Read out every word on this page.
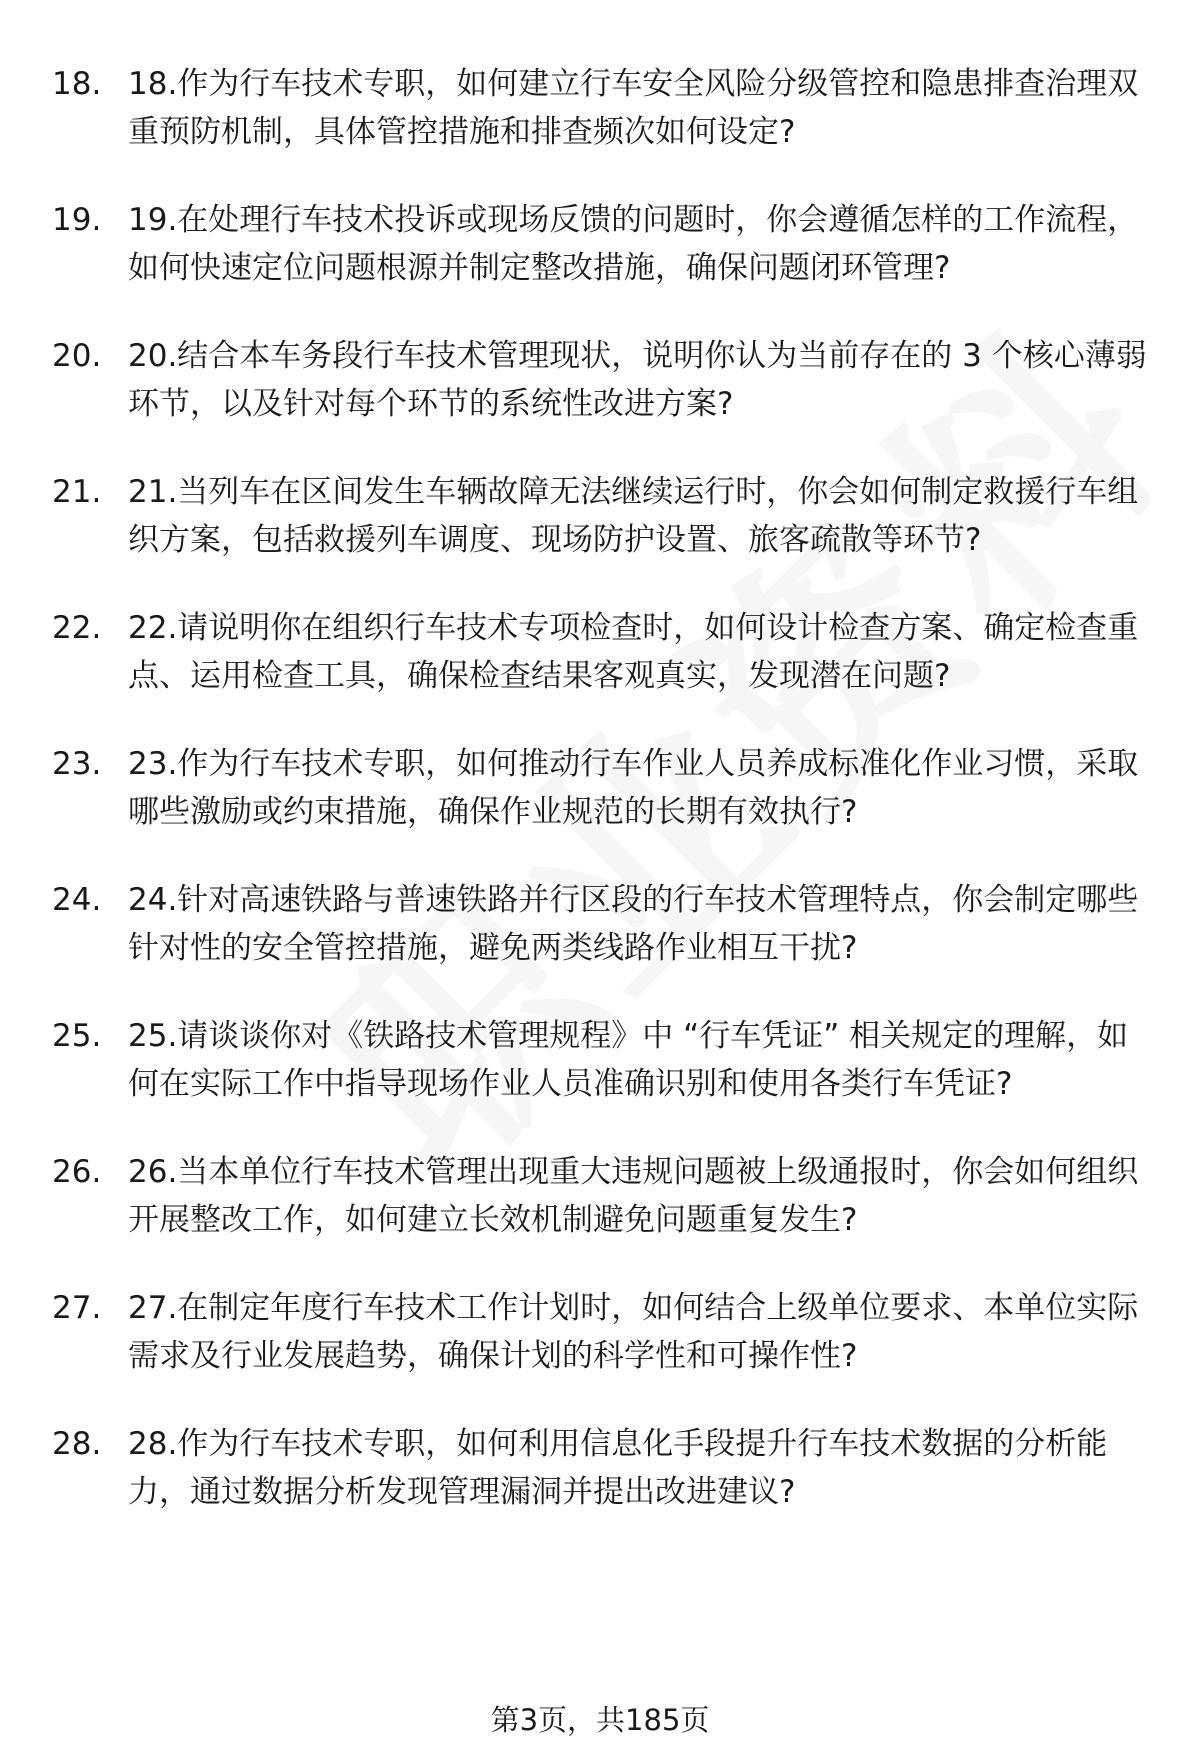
18. 18.作为行车技术专职，如何建立行车安全风险分级管控和隐患排查治理双重预防机制，具体管控措施和排查频次如何设定?
19. 19.在处理行车技术投诉或现场反馈的问题时，你会遵循怎样的工作流程，如何快速定位问题根源并制定整改措施，确保问题闭环管理?
20. 20.结合本车务段行车技术管理现状，说明你认为当前存在的 3 个核心薄弱环节，以及针对每个环节的系统性改进方案?
21. 21.当列车在区间发生车辆故障无法继续运行时，你会如何制定救援行车组织方案，包括救援列车调度、现场防护设置、旅客疏散等环节?
22. 22.请说明你在组织行车技术专项检查时，如何设计检查方案、确定检查重点、运用检查工具，确保检查结果客观真实，发现潜在问题?
23. 23.作为行车技术专职，如何推动行车作业人员养成标准化作业习惯，采取哪些激励或约束措施，确保作业规范的长期有效执行?
24. 24.针对高速铁路与普速铁路并行区段的行车技术管理特点，你会制定哪些针对性的安全管控措施，避免两类线路作业相互干扰?
25. 25.请谈谈你对《铁路技术管理规程》中 “行车凭证” 相关规定的理解，如何在实际工作中指导现场作业人员准确识别和使用各类行车凭证?
26. 26.当本单位行车技术管理出现重大违规问题被上级通报时，你会如何组织开展整改工作，如何建立长效机制避免问题重复发生?
27. 27.在制定年度行车技术工作计划时，如何结合上级单位要求、本单位实际需求及行业发展趋势，确保计划的科学性和可操作性?
28. 28.作为行车技术专职，如何利用信息化手段提升行车技术数据的分析能力，通过数据分析发现管理漏洞并提出改进建议?
第3页，共185页
